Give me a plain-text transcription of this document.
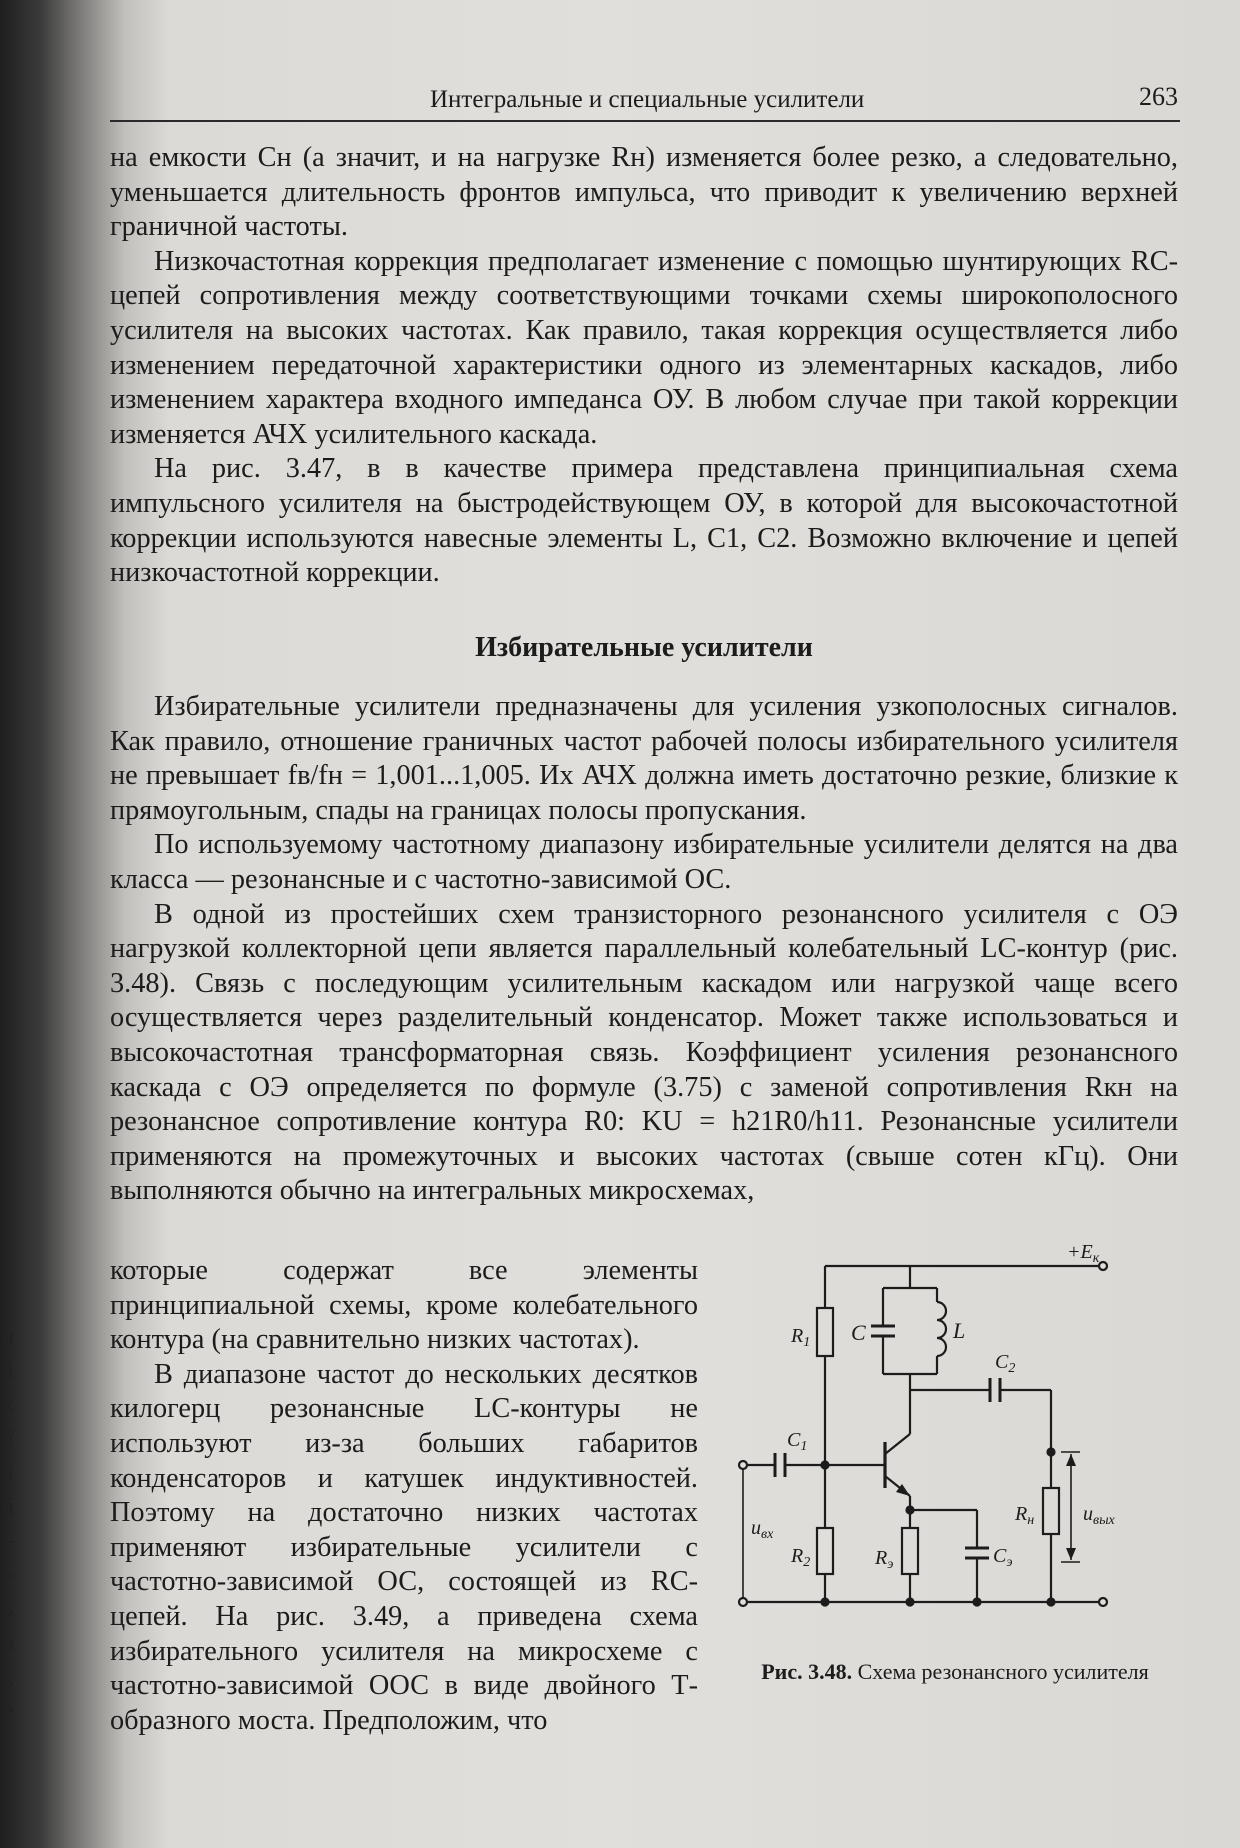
и
і
к
ї
і
й
-
-
ь
в
,
е
Интегральные и специальные усилители	263

на емкости Cн (а значит, и на нагрузке Rн) изменяется более резко, а следовательно, уменьшается длительность фронтов импульса, что приводит к увеличению верхней граничной частоты.

Низкочастотная коррекция предполагает изменение с помощью шунтирующих RC-цепей сопротивления между соответствующими точками схемы широкополосного усилителя на высоких частотах. Как правило, такая коррекция осуществляется либо изменением передаточной характеристики одного из элементарных каскадов, либо изменением характера входного импеданса ОУ. В любом случае при такой коррекции изменяется АЧХ усилительного каскада.

На рис. 3.47, в в качестве примера представлена принципиальная схема импульсного усилителя на быстродействующем ОУ, в которой для высокочастотной коррекции используются навесные элементы L, C1, C2. Возможно включение и цепей низкочастотной коррекции.

Избирательные усилители

Избирательные усилители предназначены для усиления узкополосных сигналов. Как правило, отношение граничных частот рабочей полосы избирательного усилителя не превышает fв/fн = 1,001...1,005. Их АЧХ должна иметь достаточно резкие, близкие к прямоугольным, спады на границах полосы пропускания.

По используемому частотному диапазону избирательные усилители делятся на два класса — резонансные и с частотно-зависимой ОС.

В одной из простейших схем транзисторного резонансного усилителя с ОЭ нагрузкой коллекторной цепи является параллельный колебательный LC-контур (рис. 3.48). Связь с последующим усилительным каскадом или нагрузкой чаще всего осуществляется через разделительный конденсатор. Может также использоваться и высокочастотная трансформаторная связь. Коэффициент усиления резонансного каскада с ОЭ определяется по формуле (3.75) с заменой сопротивления Rкн на резонансное сопротивление контура R0: KU = h21R0/h11. Резонансные усилители применяются на промежуточных и высоких частотах (свыше сотен кГц). Они выполняются обычно на интегральных микросхемах,

которые содержат все элементы принципиальной схемы, кроме колебательного контура (на сравнительно низких частотах).

В диапазоне частот до нескольких десятков килогерц резонансные LC-контуры не используют из-за больших габаритов конденсаторов и катушек индуктивностей. Поэтому на достаточно низких частотах применяют избирательные усилители с частотно-зависимой ОС, состоящей из RC-цепей. На рис. 3.49, а приведена схема избирательного усилителя на микросхеме с частотно-зависимой ООС в виде двойного Т-образного моста. Предположим, что

$+E_к$
$R_1$ C	L
$C_2$
$R_н$ $u_{вых}$
$C_1$
$R_э$	$C_э$
$R_2$
$u_{вх}$
Рис. 3.48. Схема резонансного усилителя
